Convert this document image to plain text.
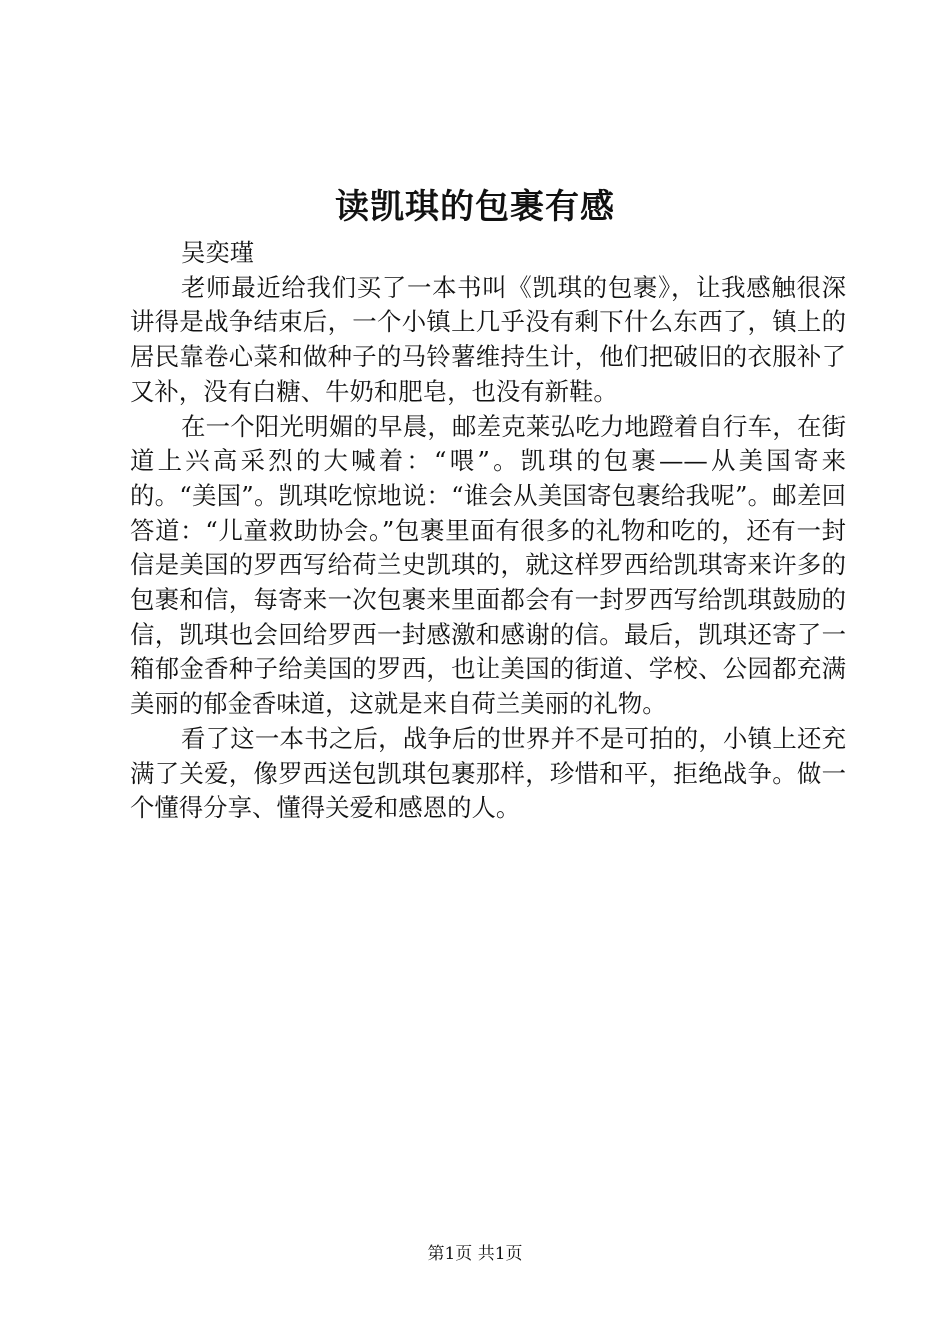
读凯琪的包裹有感

吴奕瑾

老师最近给我们买了一本书叫《凯琪的包裹》，让我感触很深讲得是战争结束后，一个小镇上几乎没有剩下什么东西了，镇上的居民靠卷心菜和做种子的马铃薯维持生计，他们把破旧的衣服补了又补，没有白糖、牛奶和肥皂，也没有新鞋。

在一个阳光明媚的早晨，邮差克莱弘吃力地蹬着自行车，在街道上兴高采烈的大喊着：“喂”。凯琪的包裹——从美国寄来的。“美国”。凯琪吃惊地说：“谁会从美国寄包裹给我呢”。邮差回答道：“儿童救助协会。”包裹里面有很多的礼物和吃的，还有一封信是美国的罗西写给荷兰史凯琪的，就这样罗西给凯琪寄来许多的包裹和信，每寄来一次包裹来里面都会有一封罗西写给凯琪鼓励的信，凯琪也会回给罗西一封感激和感谢的信。最后，凯琪还寄了一箱郁金香种子给美国的罗西，也让美国的街道、学校、公园都充满美丽的郁金香味道，这就是来自荷兰美丽的礼物。

看了这一本书之后，战争后的世界并不是可拍的，小镇上还充满了关爱，像罗西送包凯琪包裹那样，珍惜和平，拒绝战争。做一个懂得分享、懂得关爱和感恩的人。

第1页 共1页
